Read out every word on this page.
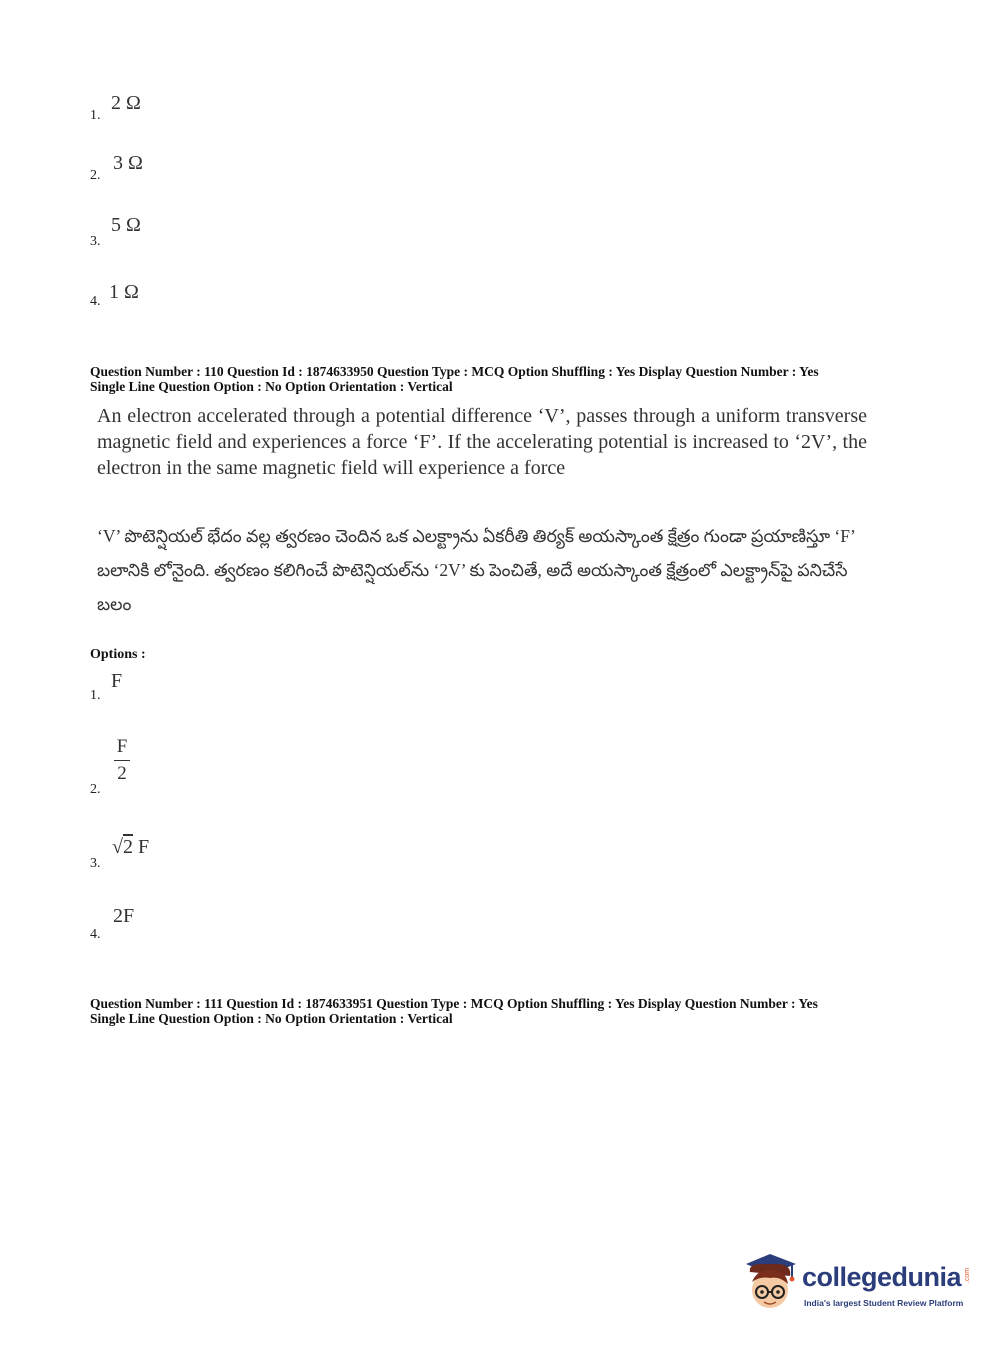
1.
2 Ω
2.
3 Ω
3.
5 Ω
4. 1 Ω
Question Number : 110 Question Id : 1874633950 Question Type : MCQ Option Shuffling : Yes Display Question Number : Yes
Single Line Question Option : No Option Orientation : Vertical
An electron accelerated through a potential difference ‘V’, passes through a uniform transverse magnetic field and experiences a force ‘F’. If the accelerating potential is increased to ‘2V’, the electron in the same magnetic field will experience a force
‘V’ పొటెన్షియల్ భేదం వల్ల త్వరణం చెందిన ఒక ఎలక్ట్రాను ఏకరీతి తిర్యక్ అయస్కాంత క్షేత్రం గుండా ప్రయాణిస్తూ ‘F’ బలానికి లోనైంది. త్వరణం కలిగించే పొటెన్షియల్‌ను ‘2V’ కు పెంచితే, అదే అయస్కాంత క్షేత్రంలో ఎలక్ట్రాన్‌పై పనిచేసే బలం
Options :
1.
F
2.
F
2
3.
√2 F
4.
2F
Question Number : 111 Question Id : 1874633951 Question Type : MCQ Option Shuffling : Yes Display Question Number : Yes
Single Line Question Option : No Option Orientation : Vertical
collegedunia .com
India's largest Student Review Platform
